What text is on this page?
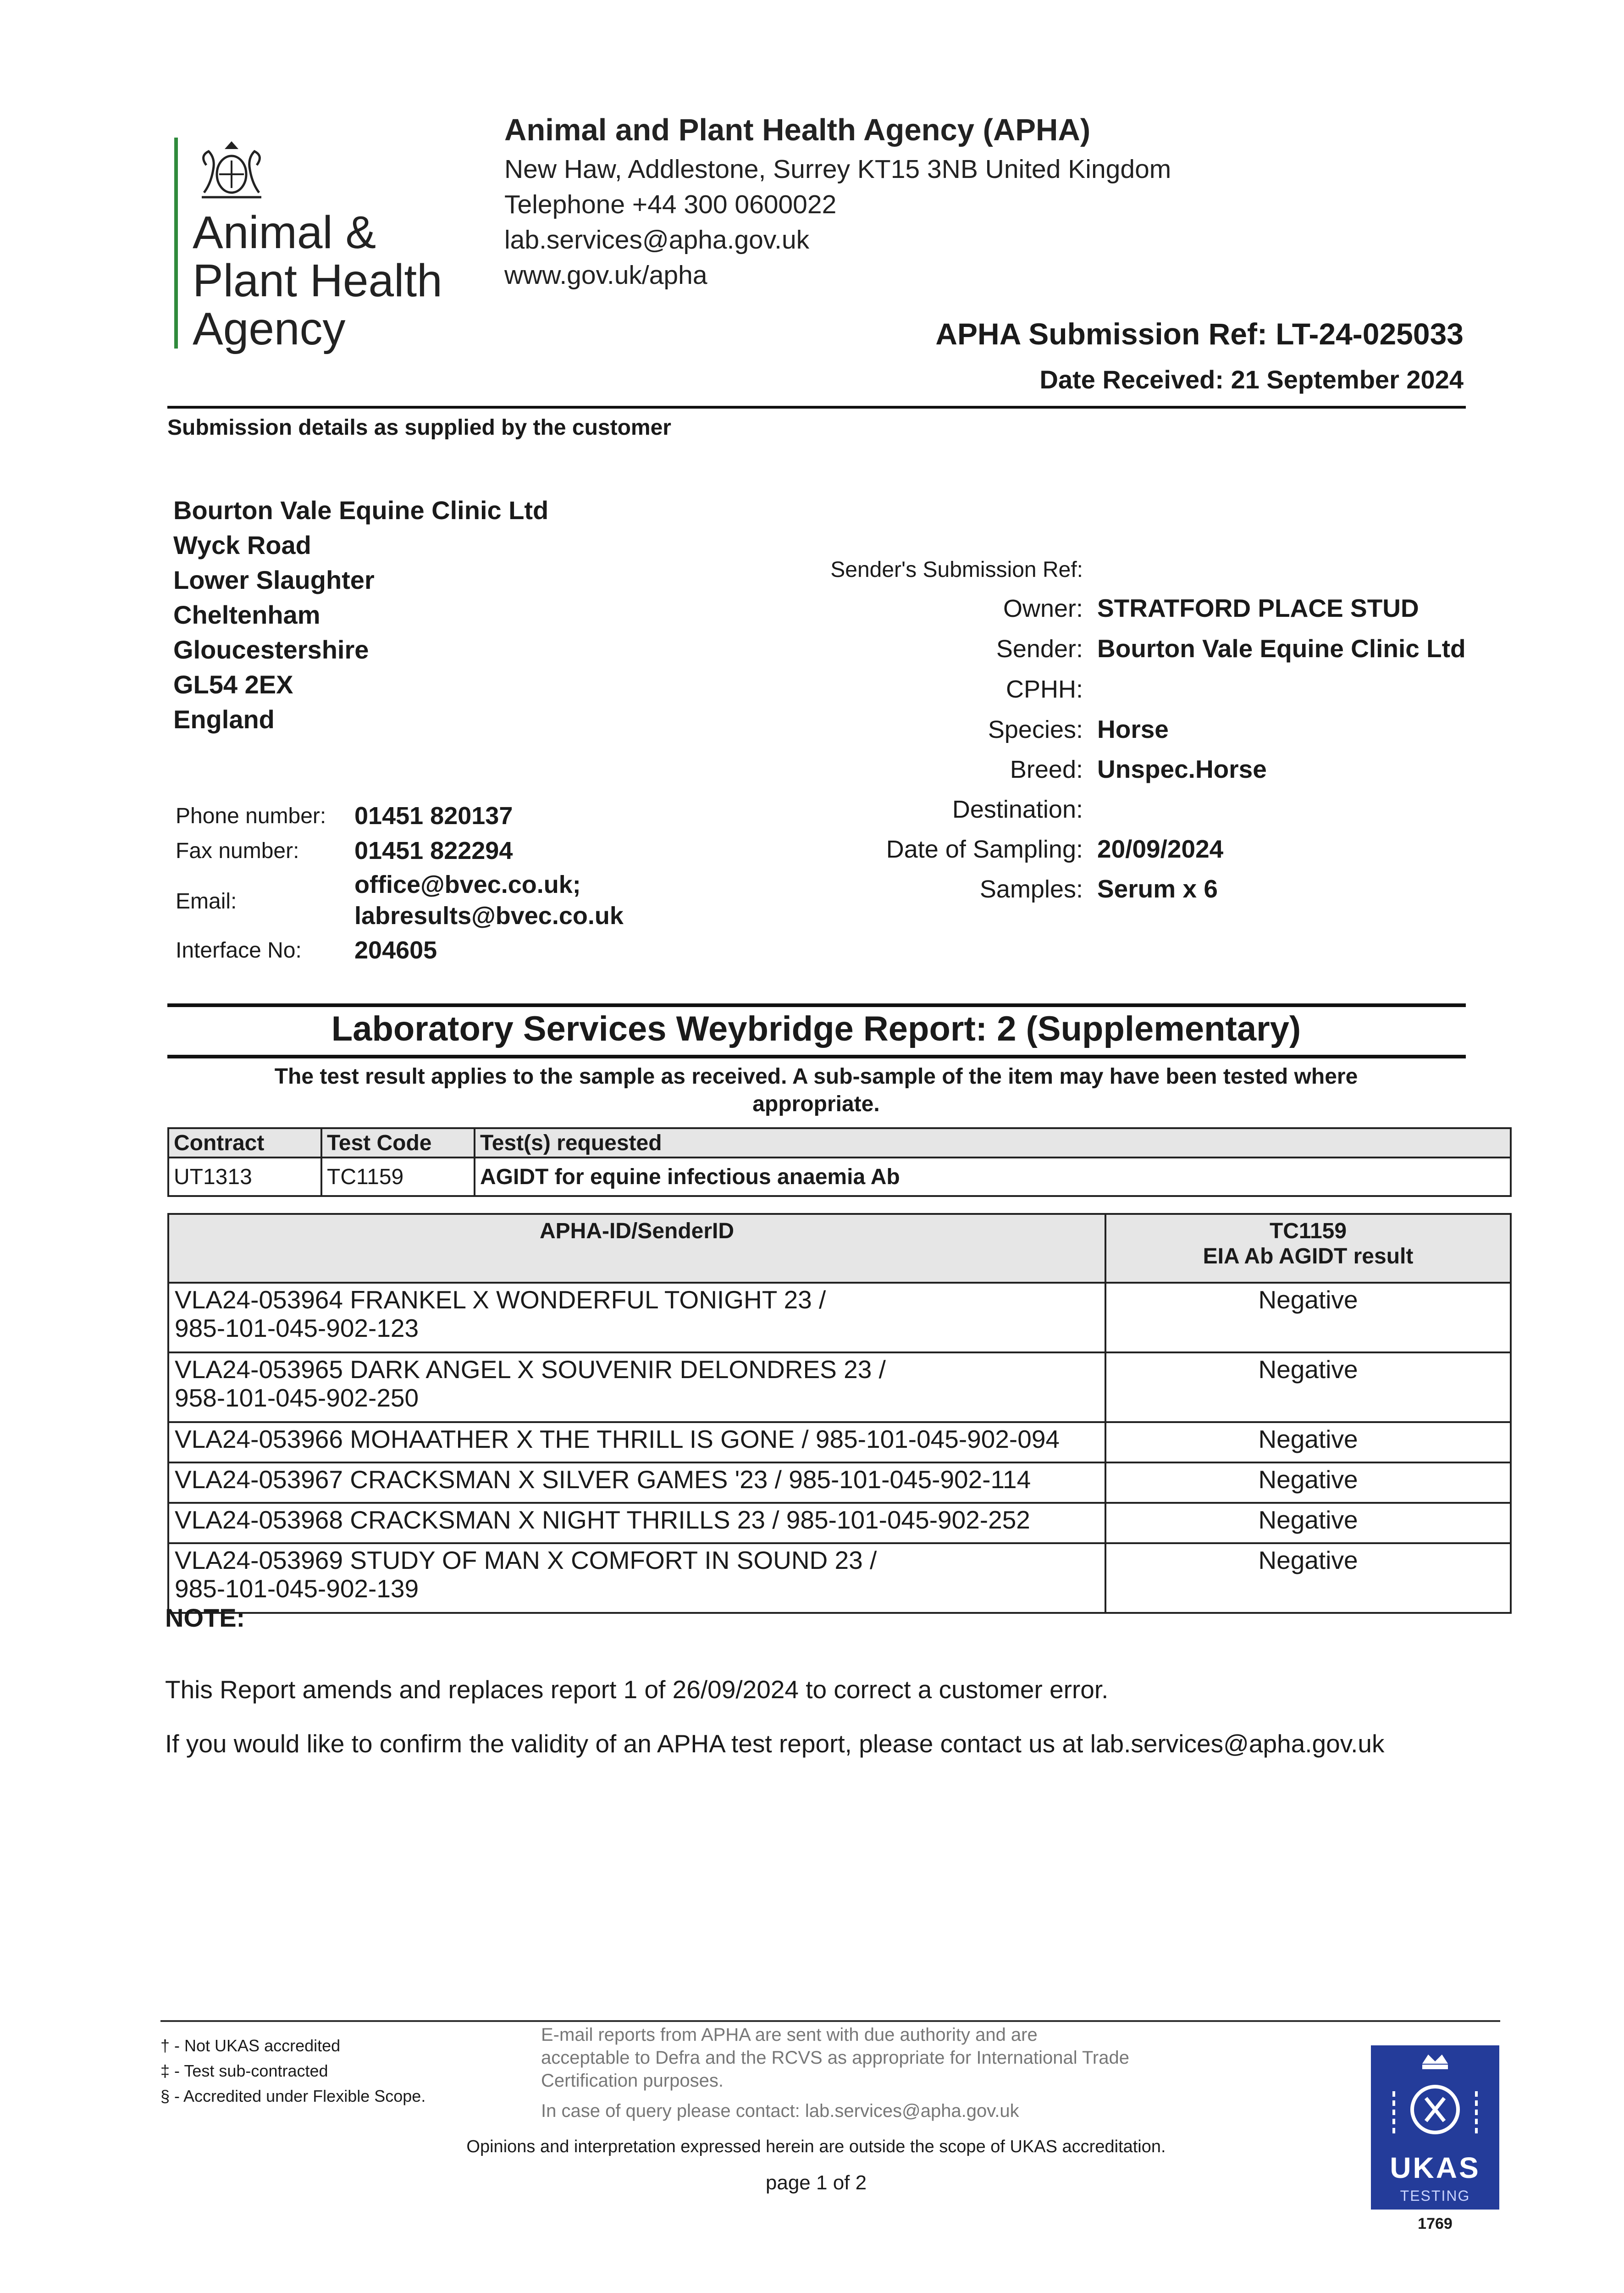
Animal &
Plant Health
Agency
Animal and Plant Health Agency (APHA)
New Haw, Addlestone, Surrey KT15 3NB United Kingdom
Telephone +44 300 0600022
lab.services@apha.gov.uk
www.gov.uk/apha
APHA Submission Ref: LT-24-025033
Date Received: 21 September 2024
Submission details as supplied by the customer
Bourton Vale Equine Clinic Ltd
Wyck Road
Lower Slaughter
Cheltenham
Gloucestershire
GL54 2EX
England
Phone number: 01451 820137
Fax number: 01451 822294
Email:
office@bvec.co.uk;
labresults@bvec.co.uk
Interface No: 204605
Sender's Submission Ref:
Owner: STRATFORD PLACE STUD
Sender: Bourton Vale Equine Clinic Ltd
CPHH:
Species: Horse
Breed: Unspec.Horse
Destination:
Date of Sampling: 20/09/2024
Samples: Serum x 6
Laboratory Services Weybridge Report: 2 (Supplementary)
The test result applies to the sample as received. A sub-sample of the item may have been tested where
appropriate.
Contract	Test Code	Test(s) requested
UT1313	TC1159	AGIDT for equine infectious anaemia Ab
APHA-ID/SenderID	TC1159
EIA Ab AGIDT result

VLA24-053964 FRANKEL X WONDERFUL TONIGHT 23 /
985-101-045-902-123	Negative

VLA24-053965 DARK ANGEL X SOUVENIR DELONDRES 23 /
958-101-045-902-250	Negative
VLA24-053966 MOHAATHER X THE THRILL IS GONE / 985-101-045-902-094	Negative
VLA24-053967 CRACKSMAN X SILVER GAMES '23 / 985-101-045-902-114	Negative
VLA24-053968 CRACKSMAN X NIGHT THRILLS 23 / 985-101-045-902-252	Negative

VLA24-053969 STUDY OF MAN X COMFORT IN SOUND 23 /
985-101-045-902-139	Negative
NOTE:
This Report amends and replaces report 1 of 26/09/2024 to correct a customer error.
If you would like to confirm the validity of an APHA test report, please contact us at lab.services@apha.gov.uk
† - Not UKAS accredited
‡ - Test sub-contracted
§ - Accredited under Flexible Scope.
E-mail reports from APHA are sent with due authority and are
acceptable to Defra and the RCVS as appropriate for International Trade
Certification purposes.
In case of query please contact: lab.services@apha.gov.uk
Opinions and interpretation expressed herein are outside the scope of UKAS accreditation.
page 1 of 2	UKAS
TESTING
1769
